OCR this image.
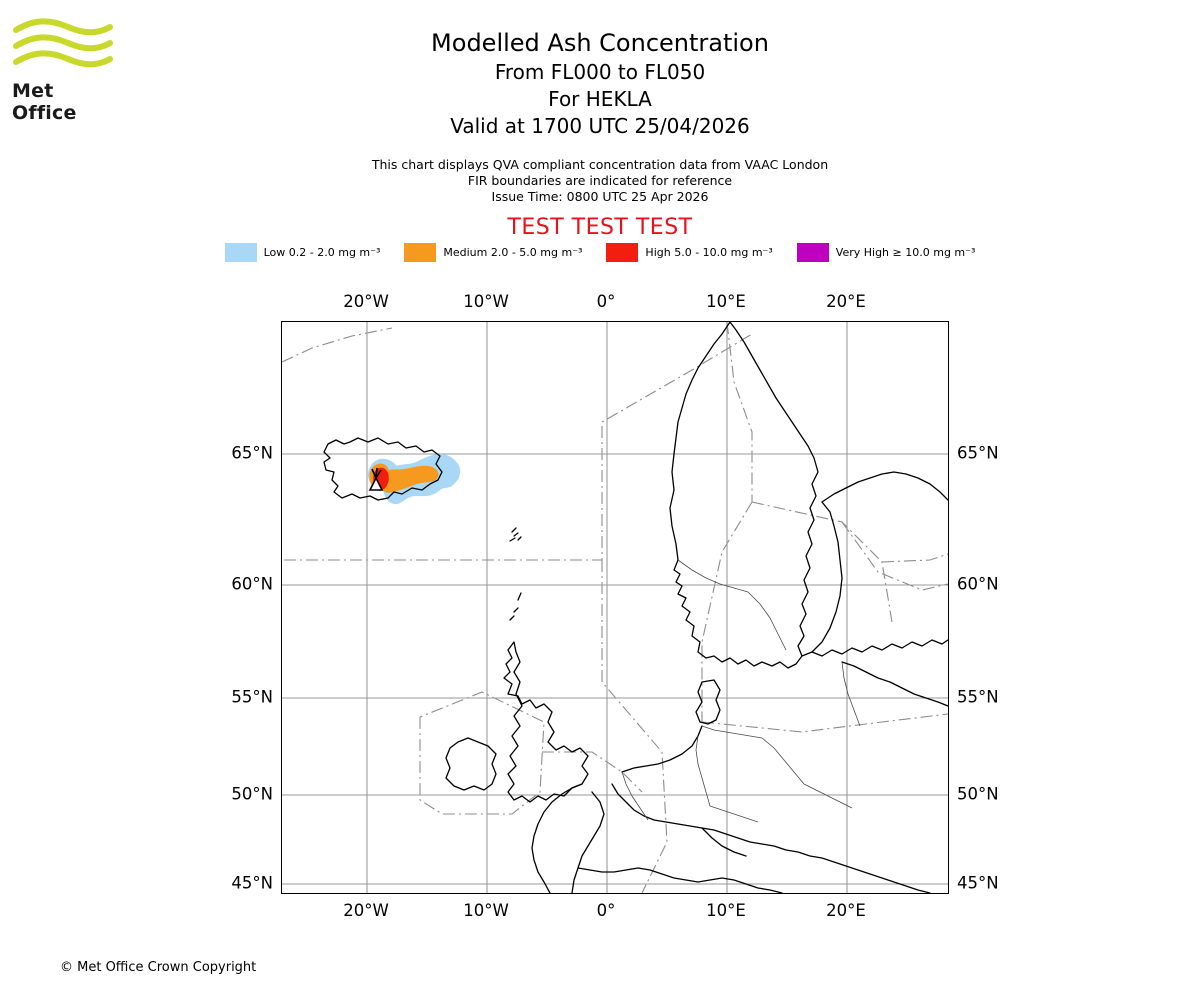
Met Office
Modelled Ash Concentration
From FL000 to FL050
For HEKLA
Valid at 1700 UTC 25/04/2026
This chart displays QVA compliant concentration data from VAAC London
FIR boundaries are indicated for reference
Issue Time: 0800 UTC 25 Apr 2026
TEST TEST TEST
Low 0.2 - 2.0 mg m⁻³	Medium 2.0 - 5.0 mg m⁻³	High 5.0 - 10.0 mg m⁻³	Very High ≥ 10.0 mg m⁻³
20°W	10°W	0°	10°E	20°E
20°W	10°W	0°	10°E	20°E
65°N
60°N
55°N
50°N
45°N
65°N
60°N
55°N
50°N
45°N
© Met Office Crown Copyright
